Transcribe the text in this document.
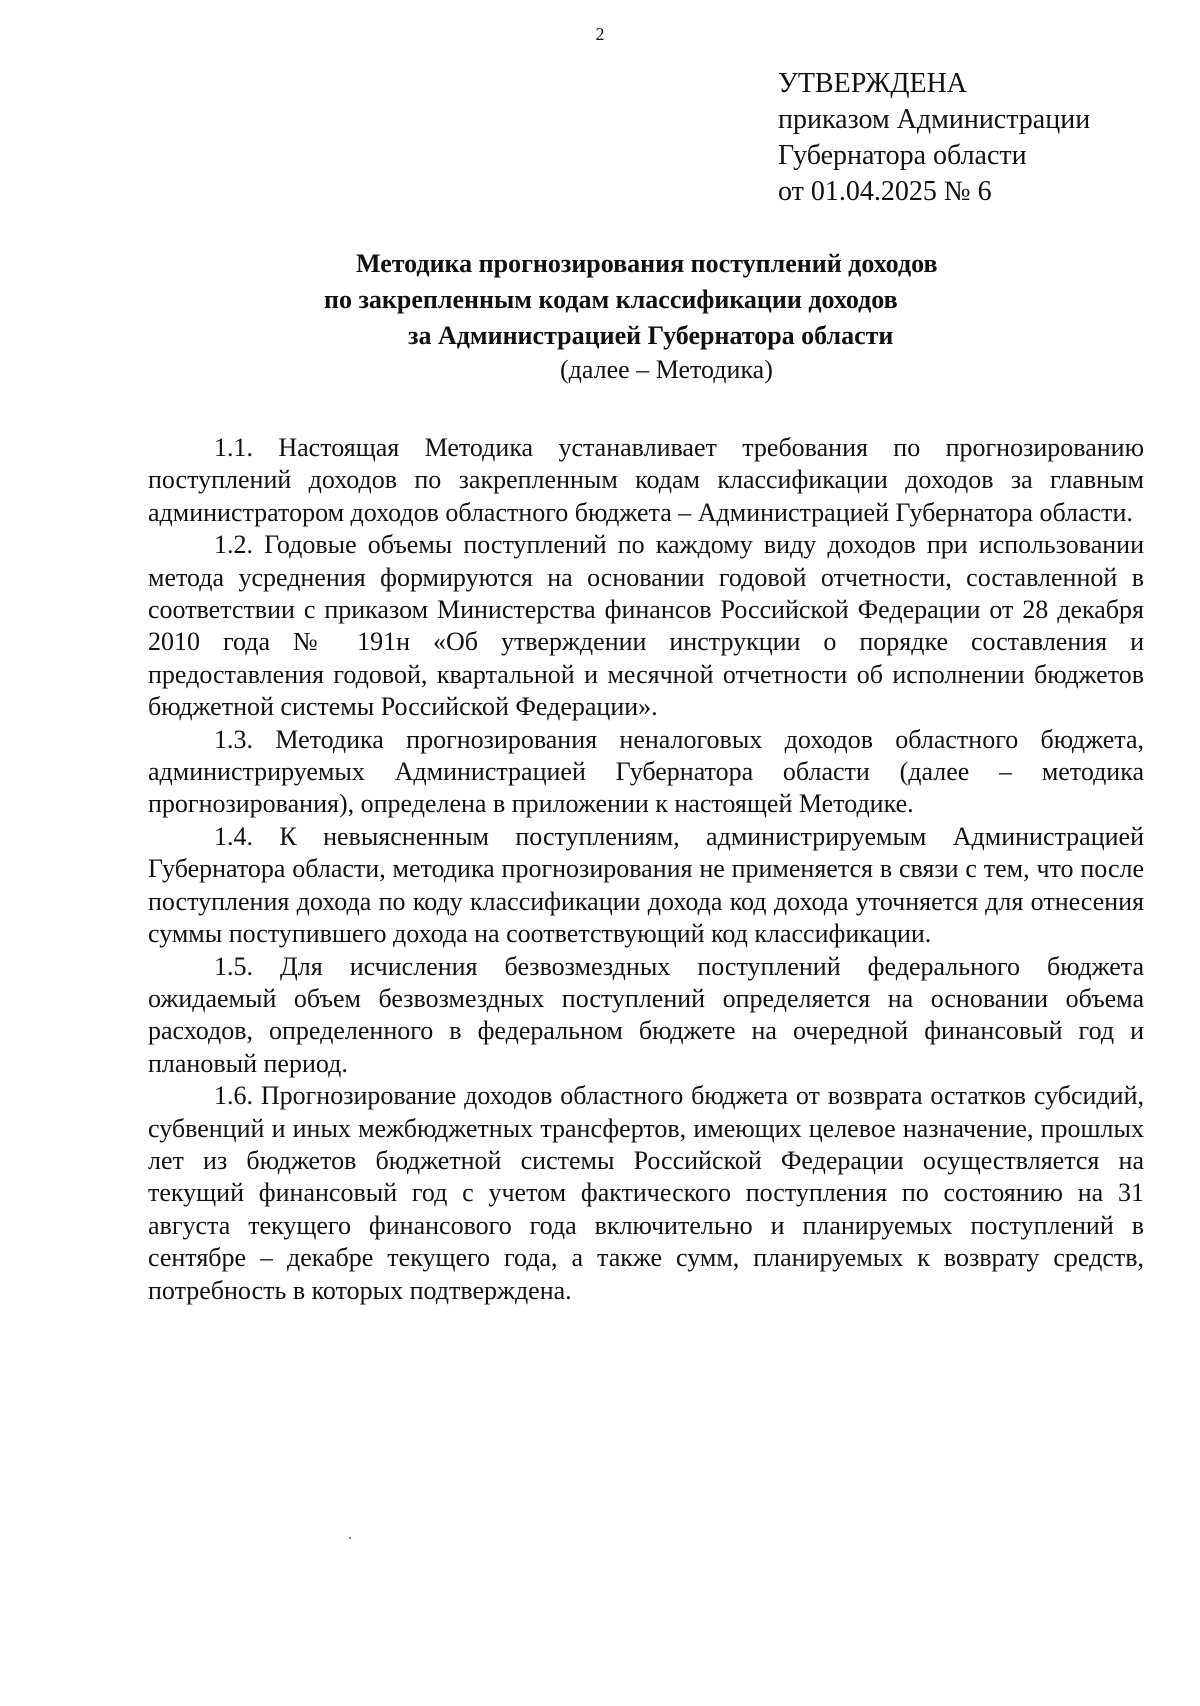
2
УТВЕРЖДЕНА
приказом Администрации
Губернатора области
от 01.04.2025 № 6
Методика прогнозирования поступлений доходов
по закрепленным кодам классификации доходов
за Администрацией Губернатора области
(далее – Методика)

1.1. Настоящая Методика устанавливает требования по прогнозированию поступлений доходов по закрепленным кодам классификации доходов за главным администратором доходов областного бюджета – Администрацией Губернатора области.

1.2. Годовые объемы поступлений по каждому виду доходов при использовании метода усреднения формируются на основании годовой отчетности, составленной в соответствии с приказом Министерства финансов Российской Федерации от 28 декабря 2010 года № 191н «Об утверждении инструкции о порядке составления и предоставления годовой, квартальной и месячной отчетности об исполнении бюджетов бюджетной системы Российской Федерации».

1.3. Методика прогнозирования неналоговых доходов областного бюджета, администрируемых Администрацией Губернатора области (далее – методика прогнозирования), определена в приложении к настоящей Методике.

1.4. К невыясненным поступлениям, администрируемым Администрацией Губернатора области, методика прогнозирования не применяется в связи с тем, что после поступления дохода по коду классификации дохода код дохода уточняется для отнесения суммы поступившего дохода на соответствующий код классификации.

1.5. Для исчисления безвозмездных поступлений федерального бюджета ожидаемый объем безвозмездных поступлений определяется на основании объема расходов, определенного в федеральном бюджете на очередной финансовый год и плановый период.

1.6. Прогнозирование доходов областного бюджета от возврата остатков субсидий, субвенций и иных межбюджетных трансфертов, имеющих целевое назначение, прошлых лет из бюджетов бюджетной системы Российской Федерации осуществляется на текущий финансовый год с учетом фактического поступления по состоянию на 31 августа текущего финансового года включительно и планируемых поступлений в сентябре – декабре текущего года, а также сумм, планируемых к возврату средств, потребность в которых подтверждена.
